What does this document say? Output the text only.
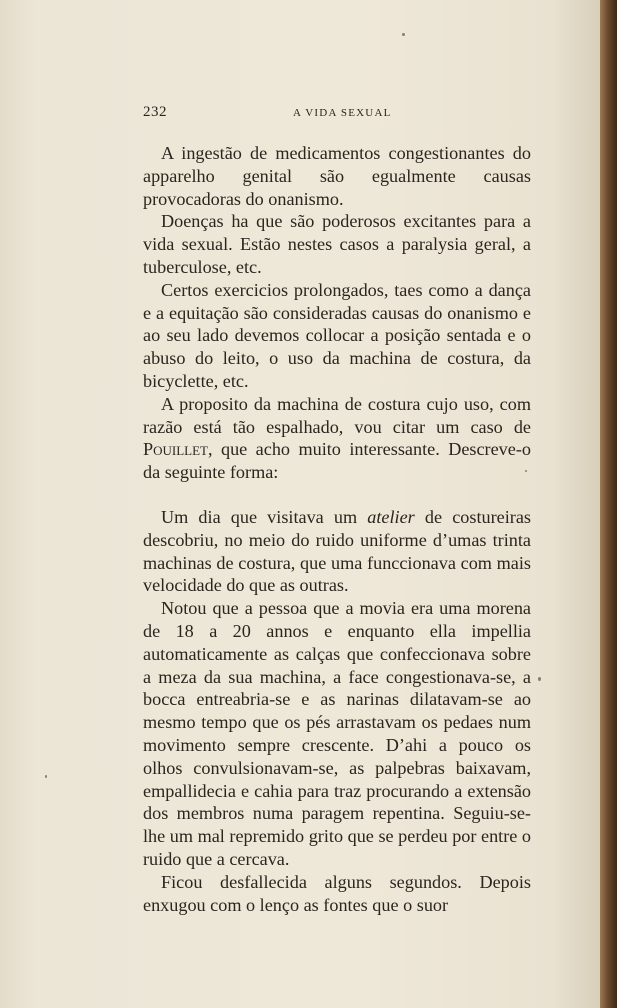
232	A VIDA SEXUAL

A ingestão de medicamentos congestionantes do apparelho genital são egualmente causas provocadoras do onanismo.

Doenças ha que são poderosos excitantes para a vida sexual. Estão nestes casos a paralysia geral, a tuberculose, etc.

Certos exercicios prolongados, taes como a dança e a equitação são consideradas causas do onanismo e ao seu lado devemos collocar a posição sentada e o abuso do leito, o uso da machina de costura, da bicyclette, etc.

A proposito da machina de costura cujo uso, com razão está tão espalhado, vou citar um caso de Pouillet, que acho muito interessante. Descreve-o da seguinte forma:

Um dia que visitava um atelier de costureiras descobriu, no meio do ruido uniforme d’umas trinta machinas de costura, que uma funccionava com mais velocidade do que as outras.

Notou que a pessoa que a movia era uma morena de 18 a 20 annos e enquanto ella impellia automaticamente as calças que confeccionava sobre a meza da sua machina, a face congestionava-se, a bocca entreabria-se e as narinas dilatavam-se ao mesmo tempo que os pés arrastavam os pedaes num movimento sempre crescente. D’ahi a pouco os olhos convulsionavam-se, as palpebras baixavam, empallidecia e cahia para traz procurando a extensão dos membros numa paragem repentina. Seguiu-se-lhe um mal repremido grito que se perdeu por entre o ruido que a cercava.

Ficou desfallecida alguns segundos. Depois enxugou com o lenço as fontes que o suor
